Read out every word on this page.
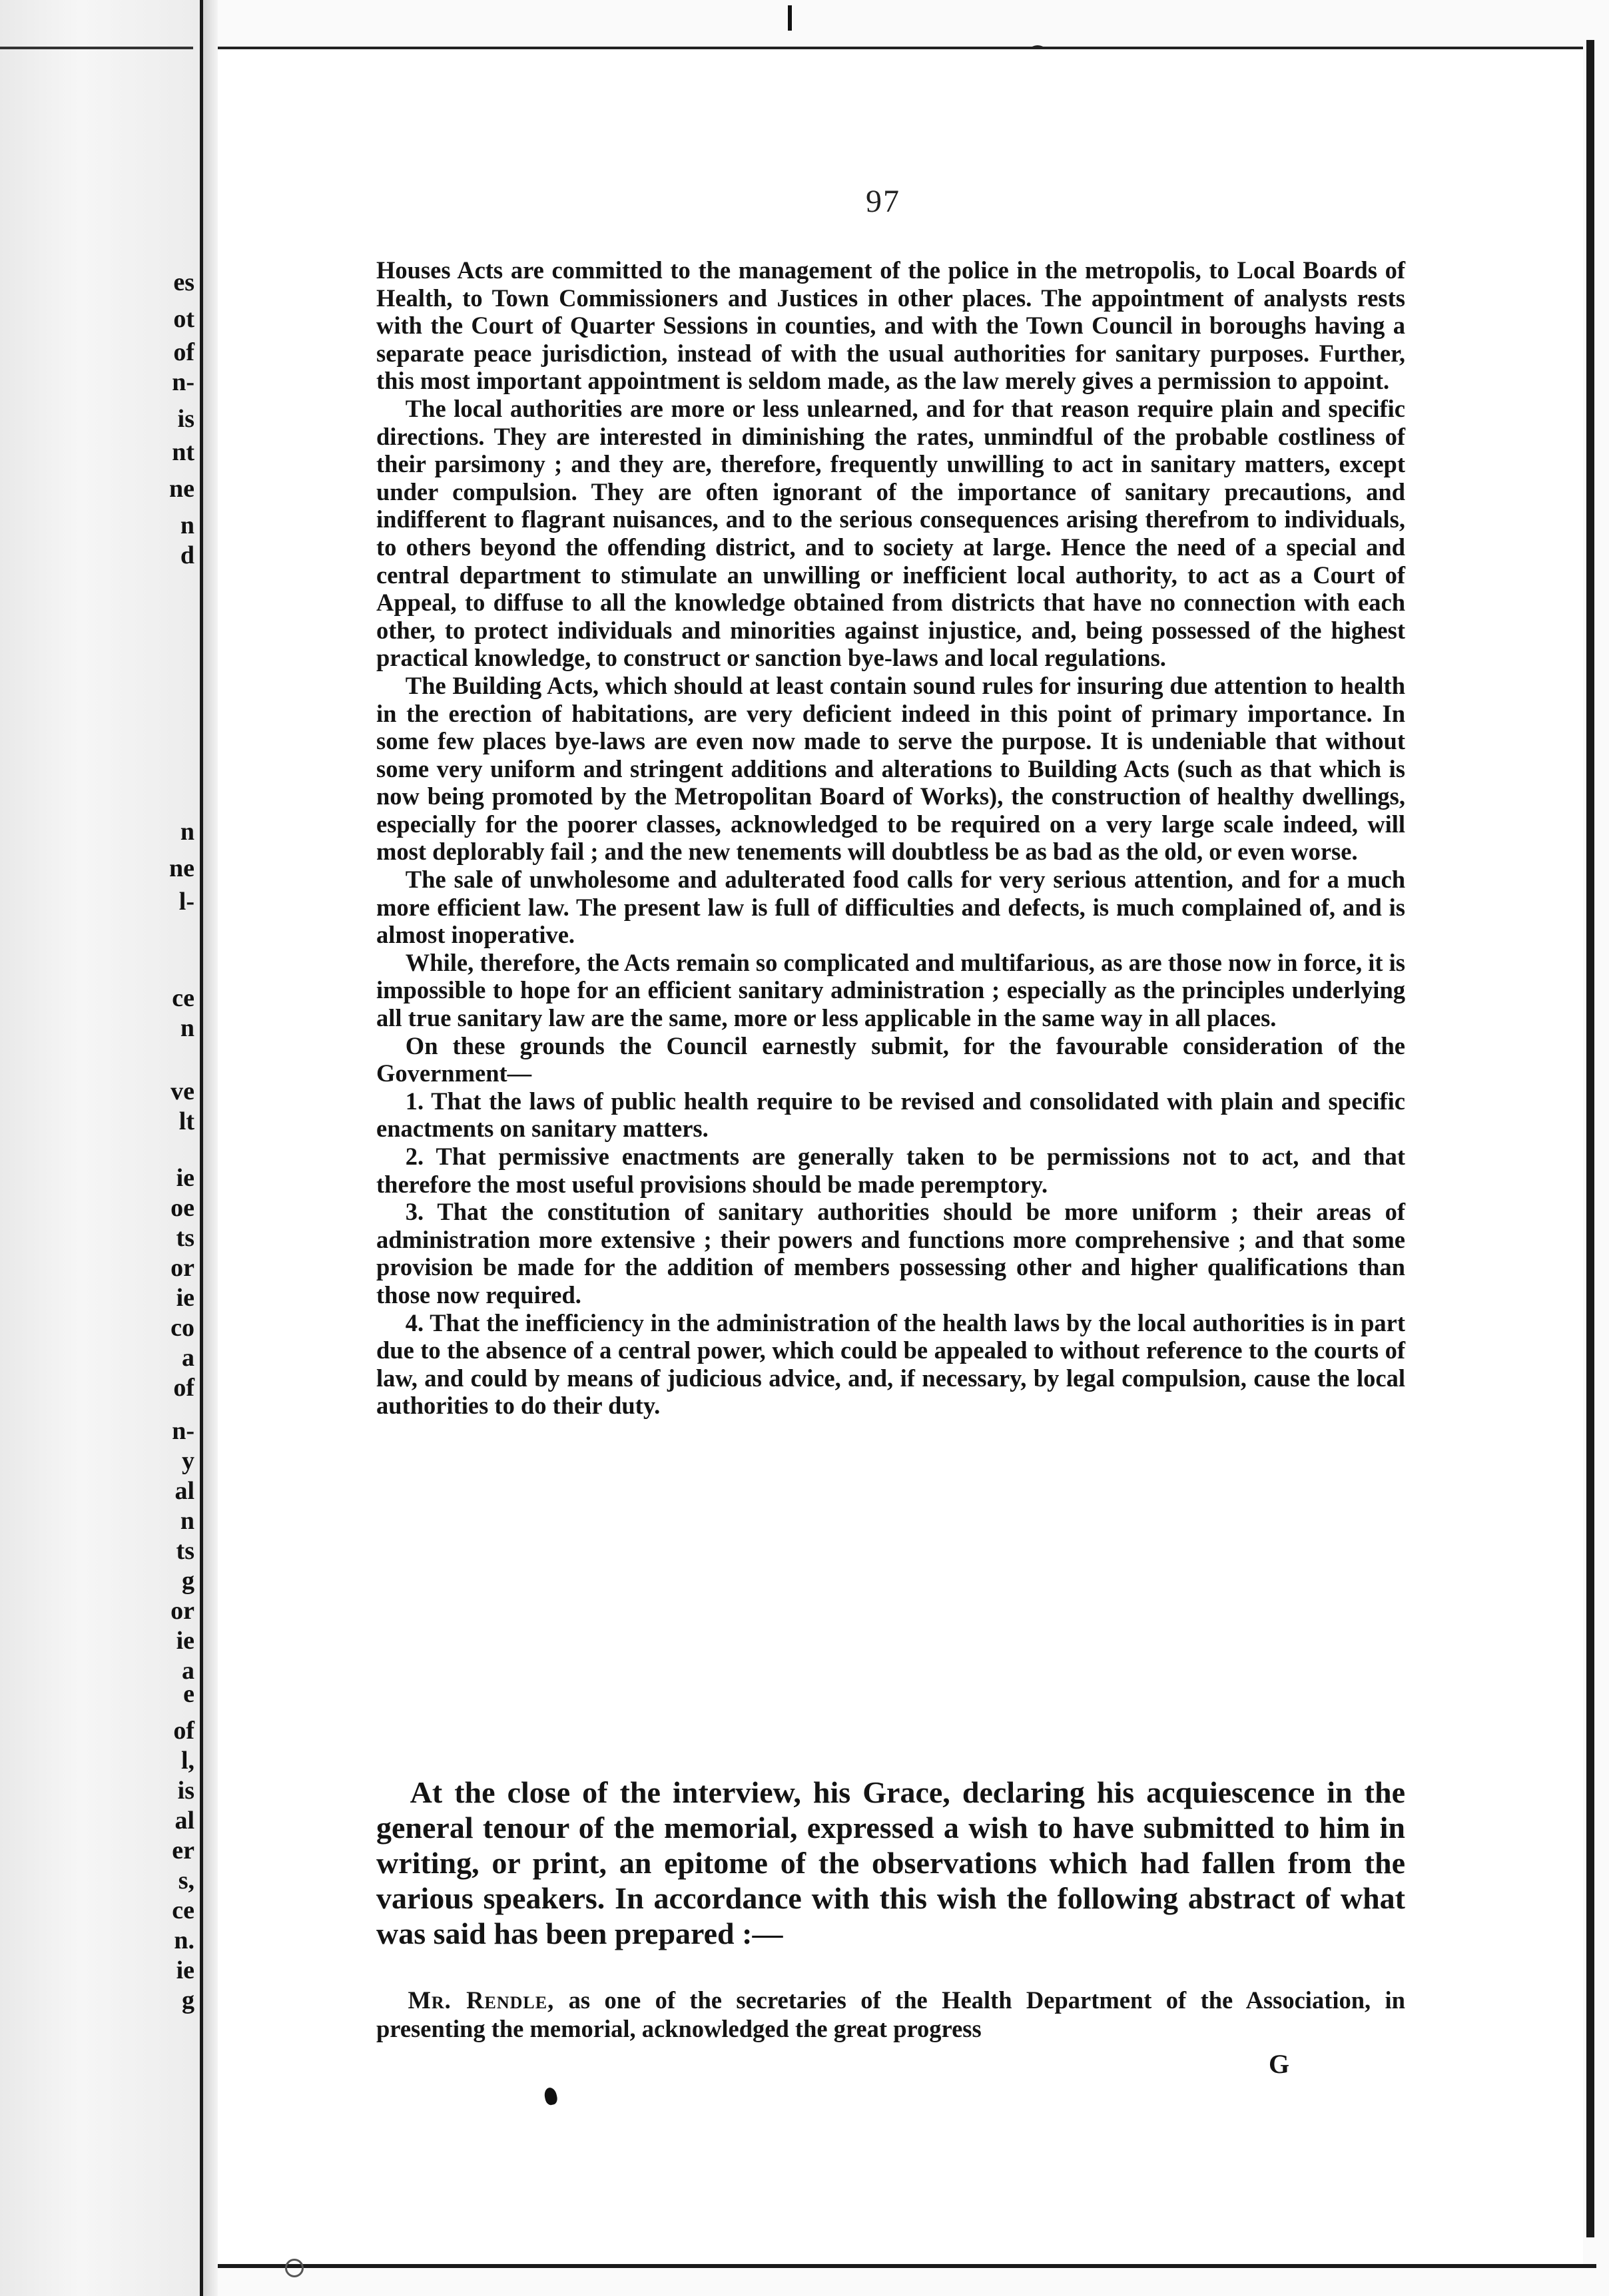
es
ot
of
n-
is
nt
ne
n
d
n
ne
l-
ce
n
ve
lt
ie
oe
ts
or
ie
co
a
of
n-
y
al
n
ts
g
or
ie
a
e
of
l,
is
al
er
s,
ce
n.
ie
g
97

Houses Acts are committed to the management of the police in the metropolis, to Local Boards of Health, to Town Commissioners and Justices in other places. The appointment of analysts rests with the Court of Quarter Sessions in counties, and with the Town Council in boroughs having a separate peace jurisdiction, instead of with the usual authorities for sanitary purposes. Further, this most important appointment is seldom made, as the law merely gives a permission to appoint.

The local authorities are more or less unlearned, and for that reason require plain and specific directions. They are interested in diminishing the rates, unmindful of the probable costliness of their parsimony ; and they are, therefore, frequently unwilling to act in sanitary matters, except under compulsion. They are often ignorant of the importance of sanitary precautions, and indifferent to flagrant nuisances, and to the serious consequences arising therefrom to individuals, to others beyond the offending district, and to society at large. Hence the need of a special and central department to stimulate an unwilling or inefficient local authority, to act as a Court of Appeal, to diffuse to all the knowledge obtained from districts that have no connection with each other, to protect individuals and minorities against injustice, and, being possessed of the highest practical knowledge, to construct or sanction bye-laws and local regulations.

The Building Acts, which should at least contain sound rules for insuring due attention to health in the erection of habitations, are very deficient indeed in this point of primary importance. In some few places bye-laws are even now made to serve the purpose. It is undeniable that without some very uniform and stringent additions and alterations to Building Acts (such as that which is now being promoted by the Metropolitan Board of Works), the construction of healthy dwellings, especially for the poorer classes, acknowledged to be required on a very large scale indeed, will most deplorably fail ; and the new tenements will doubtless be as bad as the old, or even worse.

The sale of unwholesome and adulterated food calls for very serious attention, and for a much more efficient law. The present law is full of difficulties and defects, is much complained of, and is almost inoperative.

While, therefore, the Acts remain so complicated and multifarious, as are those now in force, it is impossible to hope for an efficient sanitary administration ; especially as the principles underlying all true sanitary law are the same, more or less applicable in the same way in all places.

On these grounds the Council earnestly submit, for the favourable consideration of the Government—

1. That the laws of public health require to be revised and consolidated with plain and specific enactments on sanitary matters.

2. That permissive enactments are generally taken to be permissions not to act, and that therefore the most useful provisions should be made peremptory.

3. That the constitution of sanitary authorities should be more uniform ; their areas of administration more extensive ; their powers and functions more comprehensive ; and that some provision be made for the addition of members possessing other and higher qualifications than those now required.

4. That the inefficiency in the administration of the health laws by the local authorities is in part due to the absence of a central power, which could be appealed to without reference to the courts of law, and could by means of judicious advice, and, if necessary, by legal compulsion, cause the local authorities to do their duty.

At the close of the interview, his Grace, declaring his acquiescence in the general tenour of the memorial, expressed a wish to have submitted to him in writing, or print, an epitome of the observations which had fallen from the various speakers. In accordance with this wish the following abstract of what was said has been prepared :—

Mr. Rendle, as one of the secretaries of the Health Department of the Association, in presenting the memorial, acknowledged the great progress

G
